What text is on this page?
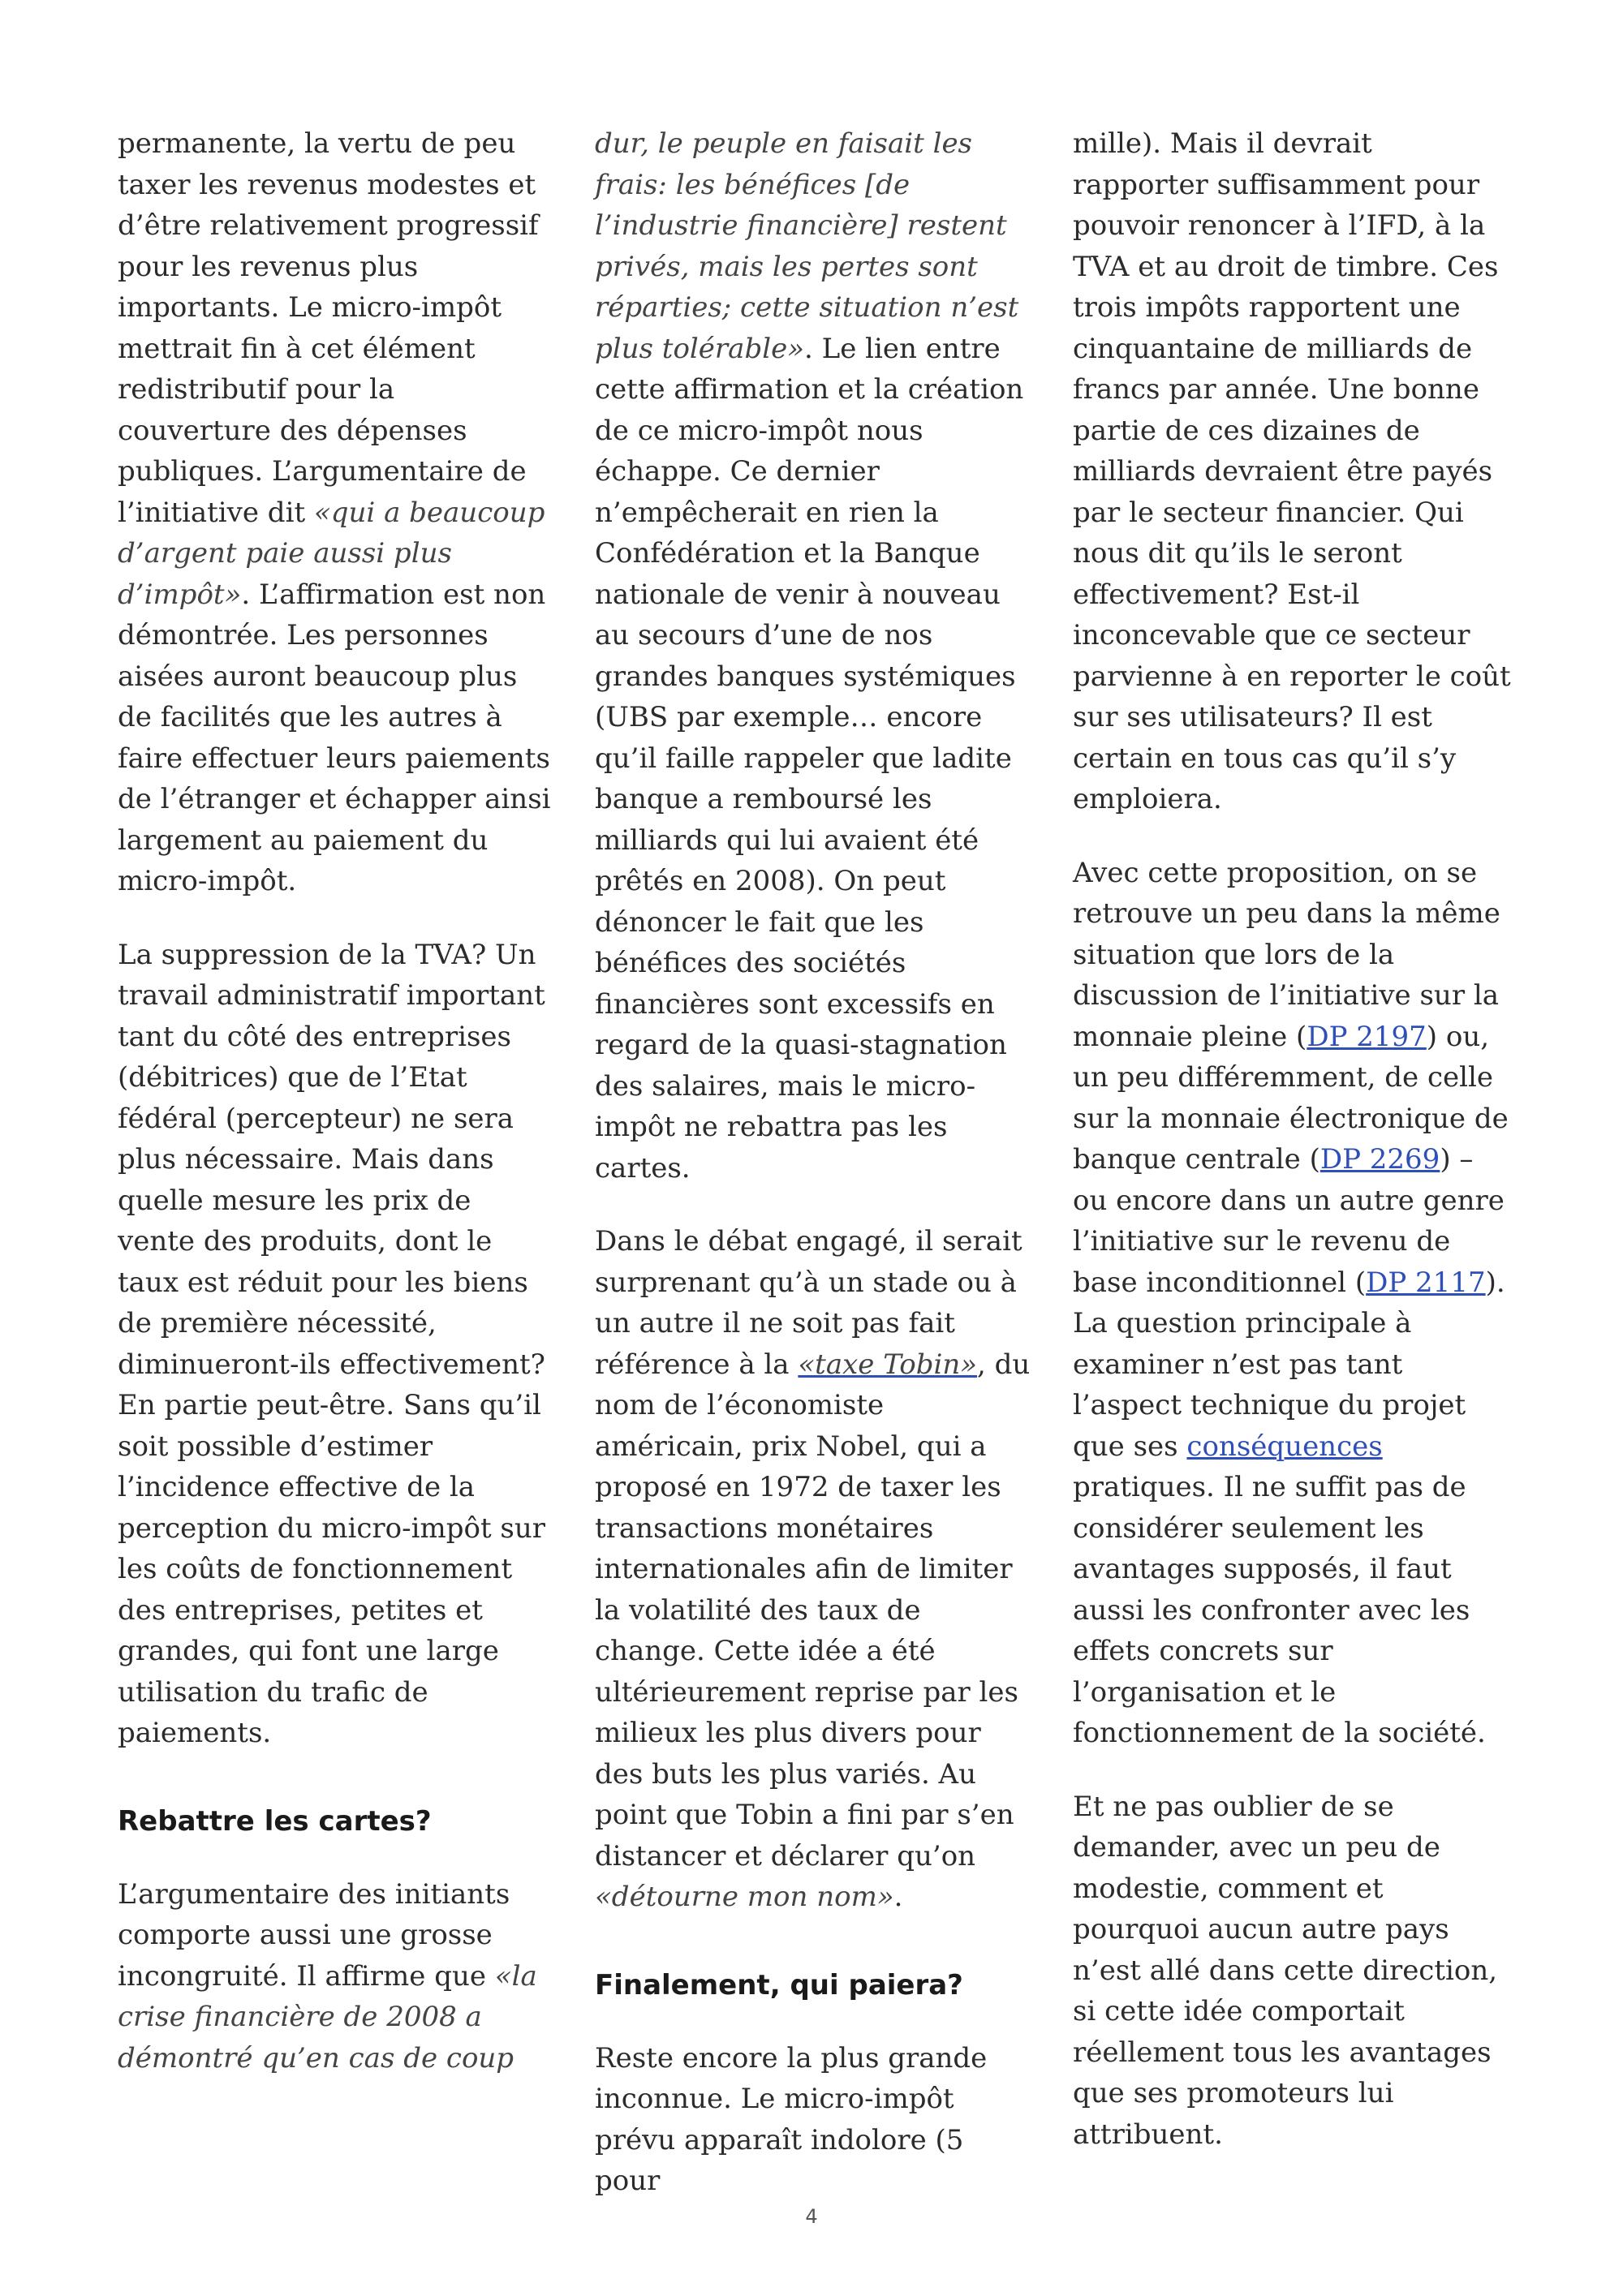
permanente, la vertu de peu taxer les revenus modestes et d’être relativement progressif pour les revenus plus importants. Le micro-impôt mettrait fin à cet élément redistributif pour la couverture des dépenses publiques. L’argumentaire de l’initiative dit «qui a beaucoup d’argent paie aussi plus d’impôt». L’affirmation est non démontrée. Les personnes aisées auront beaucoup plus de facilités que les autres à faire effectuer leurs paiements de l’étranger et échapper ainsi largement au paiement du micro-impôt.

La suppression de la TVA? Un travail administratif important tant du côté des entreprises (débitrices) que de l’Etat fédéral (percepteur) ne sera plus nécessaire. Mais dans quelle mesure les prix de vente des produits, dont le taux est réduit pour les biens de première nécessité, diminueront-ils effectivement? En partie peut-être. Sans qu’il soit possible d’estimer l’incidence effective de la perception du micro-impôt sur les coûts de fonctionnement des entreprises, petites et grandes, qui font une large utilisation du trafic de paiements.

Rebattre les cartes?

L’argumentaire des initiants comporte aussi une grosse incongruité. Il affirme que «la crise financière de 2008 a démontré qu’en cas de coup

dur, le peuple en faisait les frais: les bénéfices [de l’industrie financière] restent privés, mais les pertes sont réparties; cette situation n’est plus tolérable». Le lien entre cette affirmation et la création de ce micro-impôt nous échappe. Ce dernier n’empêcherait en rien la Confédération et la Banque nationale de venir à nouveau au secours d’une de nos grandes banques systémiques (UBS par exemple… encore qu’il faille rappeler que ladite banque a remboursé les milliards qui lui avaient été prêtés en 2008). On peut dénoncer le fait que les bénéfices des sociétés financières sont excessifs en regard de la quasi-stagnation des salaires, mais le micro-impôt ne rebattra pas les cartes.

Dans le débat engagé, il serait surprenant qu’à un stade ou à un autre il ne soit pas fait référence à la «taxe Tobin», du nom de l’économiste américain, prix Nobel, qui a proposé en 1972 de taxer les transactions monétaires internationales afin de limiter la volatilité des taux de change. Cette idée a été ultérieurement reprise par les milieux les plus divers pour des buts les plus variés. Au point que Tobin a fini par s’en distancer et déclarer qu’on «détourne mon nom».

Finalement, qui paiera?

Reste encore la plus grande inconnue. Le micro-impôt prévu apparaît indolore (5 pour

mille). Mais il devrait rapporter suffisamment pour pouvoir renoncer à l’IFD, à la TVA et au droit de timbre. Ces trois impôts rapportent une cinquantaine de milliards de francs par année. Une bonne partie de ces dizaines de milliards devraient être payés par le secteur financier. Qui nous dit qu’ils le seront effectivement? Est-il inconcevable que ce secteur parvienne à en reporter le coût sur ses utilisateurs? Il est certain en tous cas qu’il s’y emploiera.

Avec cette proposition, on se retrouve un peu dans la même situation que lors de la discussion de l’initiative sur la monnaie pleine (DP 2197) ou, un peu différemment, de celle sur la monnaie électronique de banque centrale (DP 2269) – ou encore dans un autre genre l’initiative sur le revenu de base inconditionnel (DP 2117). La question principale à examiner n’est pas tant l’aspect technique du projet que ses conséquences pratiques. Il ne suffit pas de considérer seulement les avantages supposés, il faut aussi les confronter avec les effets concrets sur l’organisation et le fonctionnement de la société.

Et ne pas oublier de se demander, avec un peu de modestie, comment et pourquoi aucun autre pays n’est allé dans cette direction, si cette idée comportait réellement tous les avantages que ses promoteurs lui attribuent.

4
